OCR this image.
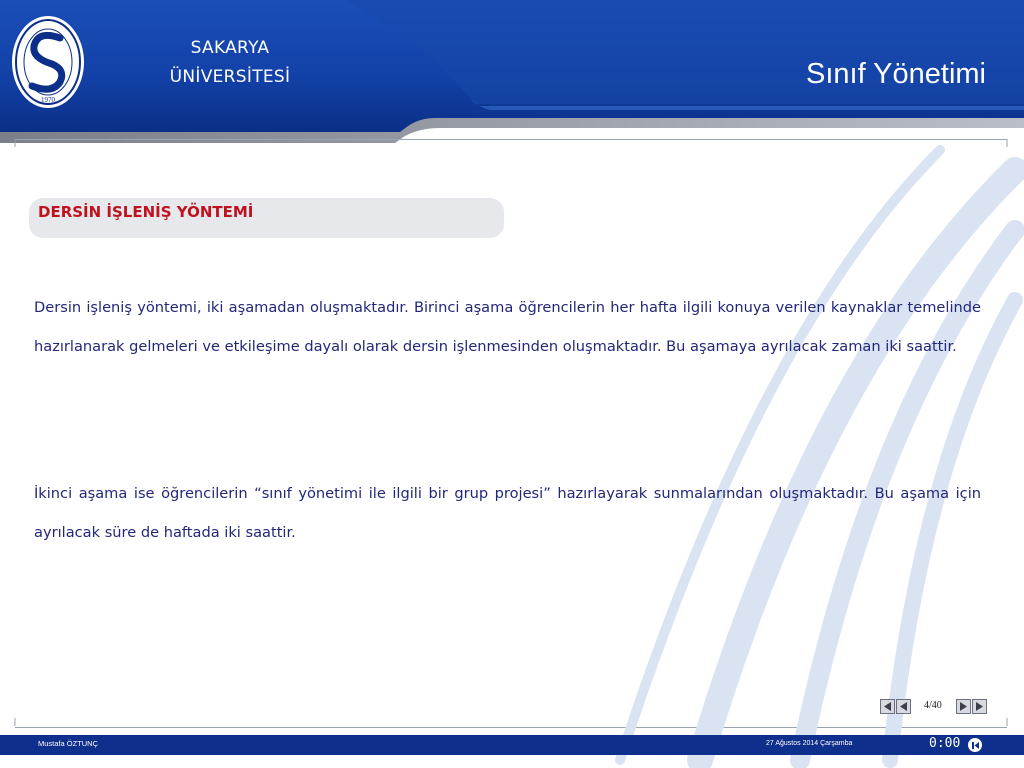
1970
SAKARYA
ÜNİVERSİTESİ	Sınıf Yönetimi
DERSİN İŞLENİŞ YÖNTEMİ

Dersin işleniş yöntemi, iki aşamadan oluşmaktadır. Birinci aşama öğrencilerin her hafta ilgili konuya verilen kaynaklar temelinde hazırlanarak gelmeleri ve etkileşime dayalı olarak dersin işlenmesinden oluşmaktadır. Bu aşamaya ayrılacak zaman iki saattir.

İkinci aşama ise öğrencilerin “sınıf yönetimi ile ilgili bir grup projesi” hazırlayarak sunmalarından oluşmaktadır. Bu aşama için ayrılacak süre de haftada iki saattir.

4/40
Mustafa ÖZTUNÇ	27 Ağustos 2014 Çarşamba	0:00
